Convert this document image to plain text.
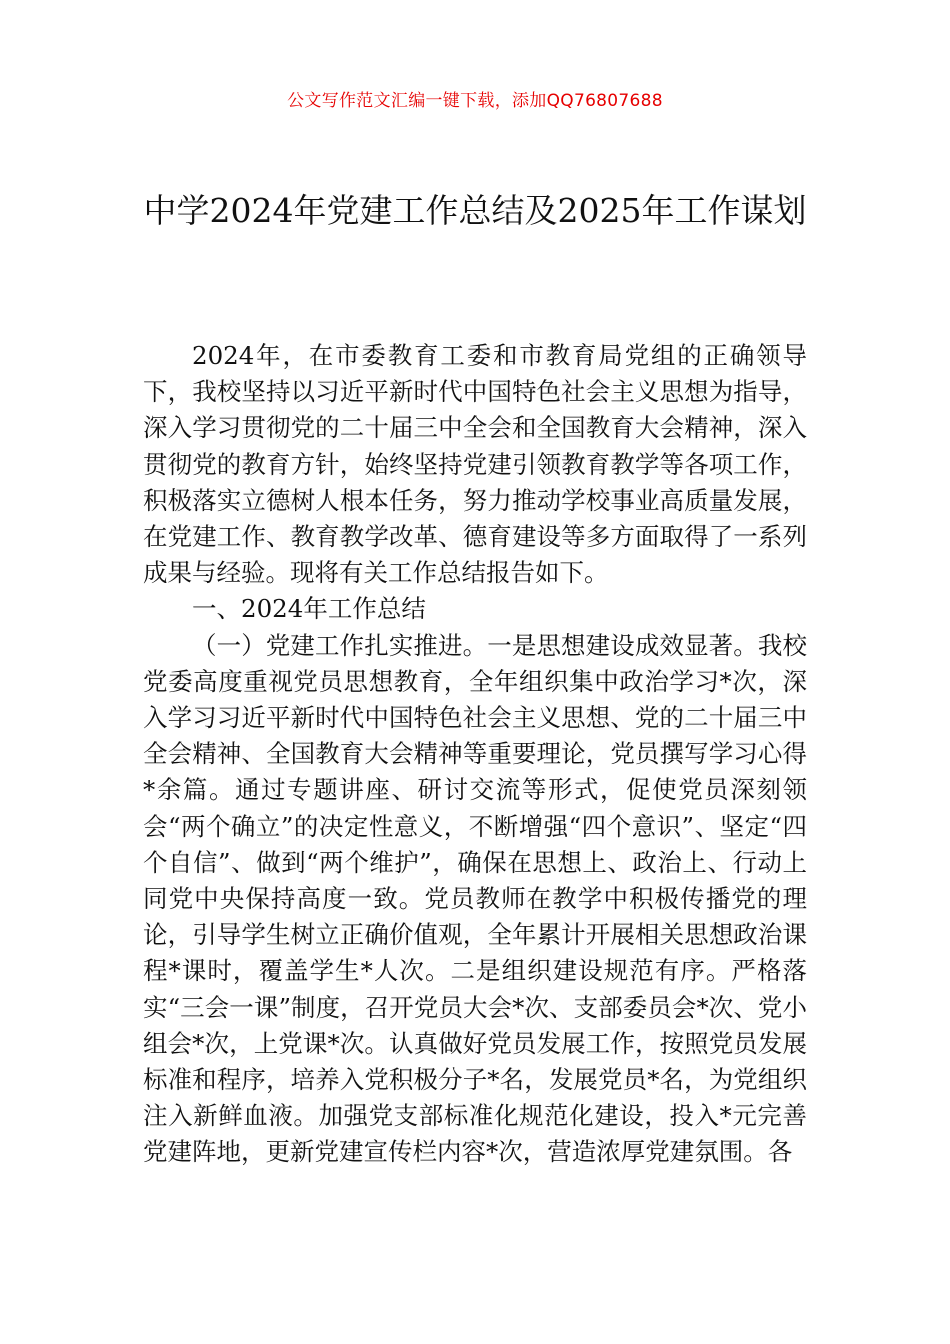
公文写作范文汇编一键下载，添加QQ76807688
中学2024年党建工作总结及2025年工作谋划

2024年，在市委教育工委和市教育局党组的正确领导下，我校坚持以习近平新时代中国特色社会主义思想为指导，深入学习贯彻党的二十届三中全会和全国教育大会精神，深入贯彻党的教育方针，始终坚持党建引领教育教学等各项工作，积极落实立德树人根本任务，努力推动学校事业高质量发展，在党建工作、教育教学改革、德育建设等多方面取得了一系列成果与经验。现将有关工作总结报告如下。

一、2024年工作总结

（一）党建工作扎实推进。一是思想建设成效显著。我校党委高度重视党员思想教育，全年组织集中政治学习*次，深入学习习近平新时代中国特色社会主义思想、党的二十届三中全会精神、全国教育大会精神等重要理论，党员撰写学习心得*余篇。通过专题讲座、研讨交流等形式，促使党员深刻领会“两个确立”的决定性意义，不断增强“四个意识”、坚定“四个自信”、做到“两个维护”，确保在思想上、政治上、行动上同党中央保持高度一致。党员教师在教学中积极传播党的理论，引导学生树立正确价值观，全年累计开展相关思想政治课程*课时，覆盖学生*人次。二是组织建设规范有序。严格落实“三会一课”制度，召开党员大会*次、支部委员会*次、党小组会*次，上党课*次。认真做好党员发展工作，按照党员发展标准和程序，培养入党积极分子*名，发展党员*名，为党组织注入新鲜血液。加强党支部标准化规范化建设，投入*元完善党建阵地，更新党建宣传栏内容*次，营造浓厚党建氛围。各
